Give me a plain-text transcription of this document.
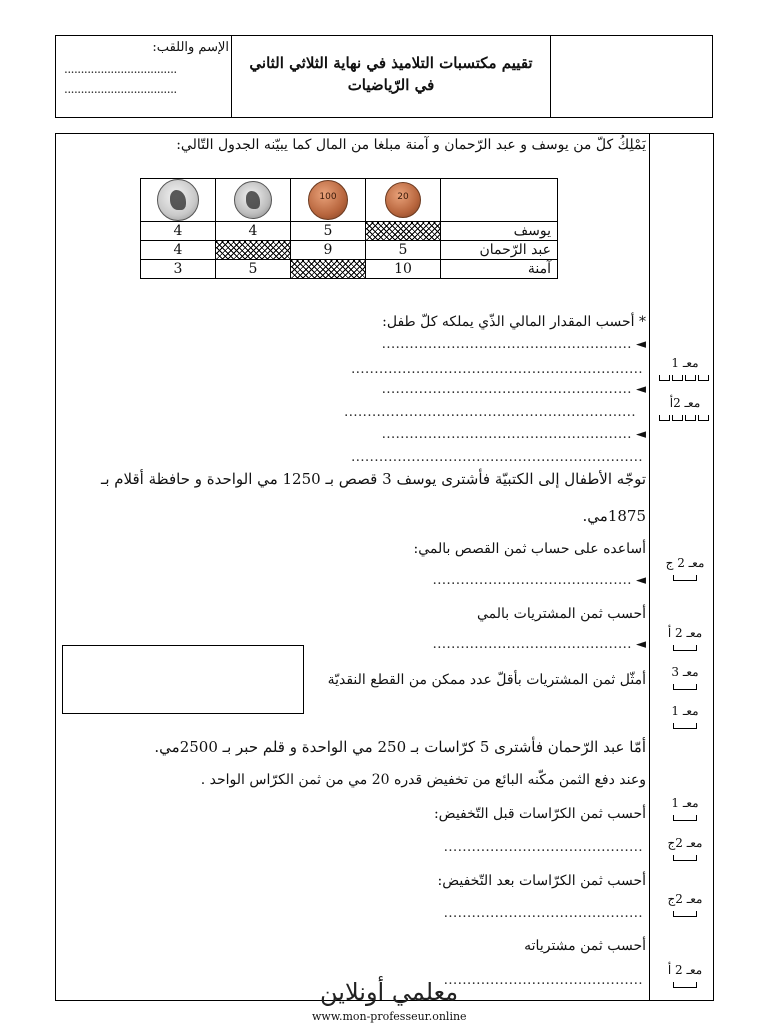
تقييم مكتسبات التلاميذ في نهاية الثلاثي الثاني
في الرّياضيات
الإسم واللقب:
..................................
..................................
يَمْلِكُ كلّ من يوسف و عبد الرّحمان و آمنة مبلغا من المال كما يبيّنه الجدول التّالي:

	20	100		

يوسف		5	4	4
عبد الرّحمان	5	9		4
آمنة	10		5	3
* أحسب المقدار المالي الذّي يملكه كلّ طفل:
◄ ......................................................
...............................................................
◄ ......................................................
...............................................................
◄ ......................................................
...............................................................
توجّه الأطفال إلى الكتبيّة فأشترى يوسف 3 قصص بـ 1250 مي الواحدة و حافظة أقلام بـ
1875مي.
أساعده على حساب ثمن القصص بالمي:
◄ ...........................................
أحسب ثمن المشتريات بالمي
◄ ...........................................
أمثّل ثمن المشتريات بأقلّ عدد ممكن من القطع النقديّة
أمّا عبد الرّحمان فأشترى 5 كرّاسات بـ 250 مي الواحدة و قلم حبر بـ 2500مي.
وعند دفع الثمن مكّنه البائع من تخفيض قدره 20 مي من ثمن الكرّاس الواحد .
أحسب ثمن الكرّاسات قبل التّخفيض:
...........................................
أحسب ثمن الكرّاسات بعد التّخفيض:
...........................................
أحسب ثمن مشترياته
...........................................
معـ 1
معـ 2أ
معـ 2 ج
معـ 2 أ
معـ 3
معـ 1
معـ 1
معـ 2ج
معـ 2ج
معـ 2 أ
معلمي أونلاين
www.mon-professeur.online
